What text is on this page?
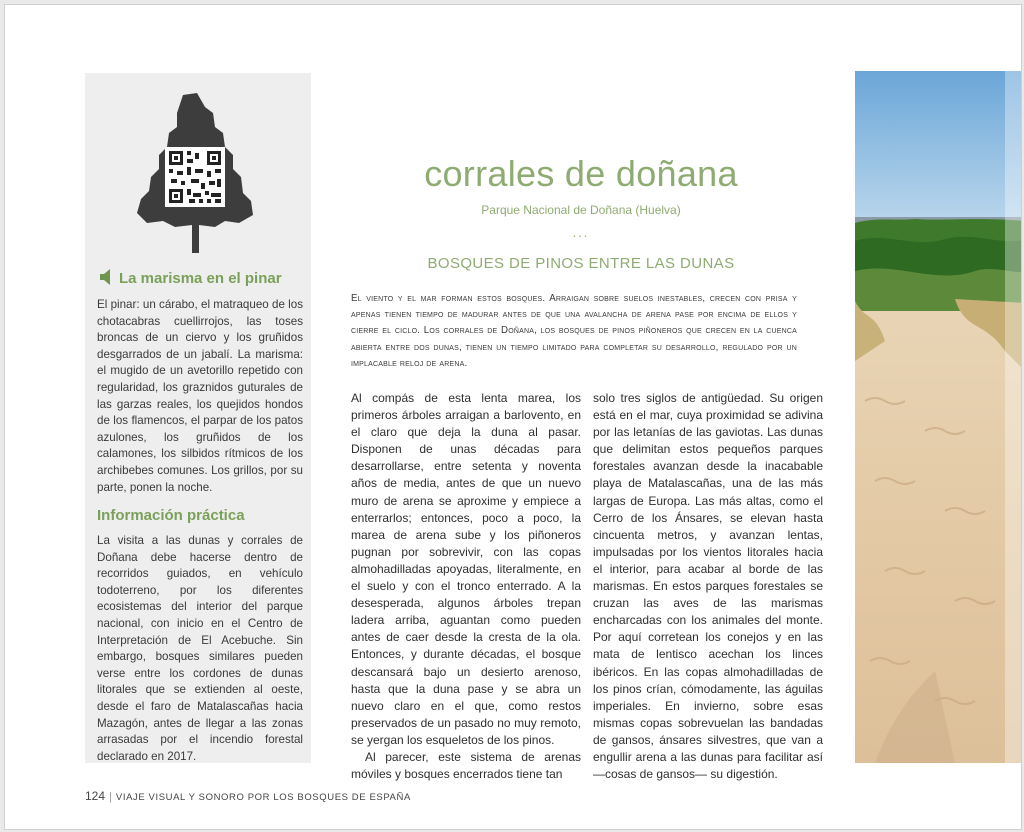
La marisma en el pinar
El pinar: un cárabo, el matraqueo de los chotacabras cuellirrojos, las toses broncas de un ciervo y los gruñidos desgarrados de un jabalí. La marisma: el mugido de un avetorillo repetido con regularidad, los graznidos guturales de las garzas reales, los quejidos hondos de los flamencos, el parpar de los patos azulones, los gruñidos de los calamones, los silbidos rítmicos de los archibebes comunes. Los grillos, por su parte, ponen la noche.
Información práctica
La visita a las dunas y corrales de Doñana debe hacerse dentro de recorridos guiados, en vehículo todoterreno, por los diferentes ecosistemas del interior del parque nacional, con inicio en el Centro de Interpretación de El Acebuche. Sin embargo, bosques similares pueden verse entre los cordones de dunas litorales que se extienden al oeste, desde el faro de Matalascañas hacia Mazagón, antes de llegar a las zonas arrasadas por el incendio forestal declarado en 2017.
corrales de doñana
Parque Nacional de Doñana (Huelva)
...
BOSQUES DE PINOS ENTRE LAS DUNAS
El viento y el mar forman estos bosques. Arraigan sobre suelos inestables, crecen con prisa y apenas tienen tiempo de madurar antes de que una avalancha de arena pase por encima de ellos y cierre el ciclo. Los corrales de Doñana, los bosques de pinos piñoneros que crecen en la cuenca abierta entre dos dunas, tienen un tiempo limitado para completar su desarrollo, regulado por un implacable reloj de arena.

Al compás de esta lenta marea, los primeros árboles arraigan a barlovento, en el claro que deja la duna al pasar. Disponen de unas décadas para desarrollarse, entre setenta y noventa años de media, antes de que un nuevo muro de arena se aproxime y empiece a enterrarlos; entonces, poco a poco, la marea de arena sube y los piñoneros pugnan por sobrevivir, con las copas almohadilladas apoyadas, literalmente, en el suelo y con el tronco enterrado. A la desesperada, algunos árboles trepan ladera arriba, aguantan como pueden antes de caer desde la cresta de la ola. Entonces, y durante décadas, el bosque descansará bajo un desierto arenoso, hasta que la duna pase y se abra un nuevo claro en el que, como restos preservados de un pasado no muy remoto, se yergan los esqueletos de los pinos.

Al parecer, este sistema de arenas móviles y bosques encerrados tiene tan

solo tres siglos de antigüedad. Su origen está en el mar, cuya proximidad se adivina por las letanías de las gaviotas. Las dunas que delimitan estos pequeños parques forestales avanzan desde la inacabable playa de Matalascañas, una de las más largas de Europa. Las más altas, como el Cerro de los Ánsares, se elevan hasta cincuenta metros, y avanzan lentas, impulsadas por los vientos litorales hacia el interior, para acabar al borde de las marismas. En estos parques forestales se cruzan las aves de las marismas encharcadas con los animales del monte. Por aquí corretean los conejos y en las mata de lentisco acechan los linces ibéricos. En las copas almohadilladas de los pinos crían, cómodamente, las águilas imperiales. En invierno, sobre esas mismas copas sobrevuelan las bandadas de gansos, ánsares silvestres, que van a engullir arena a las dunas para facilitar así —cosas de gansos— su digestión.

124 | VIAJE VISUAL Y SONORO POR LOS BOSQUES DE ESPAÑA
